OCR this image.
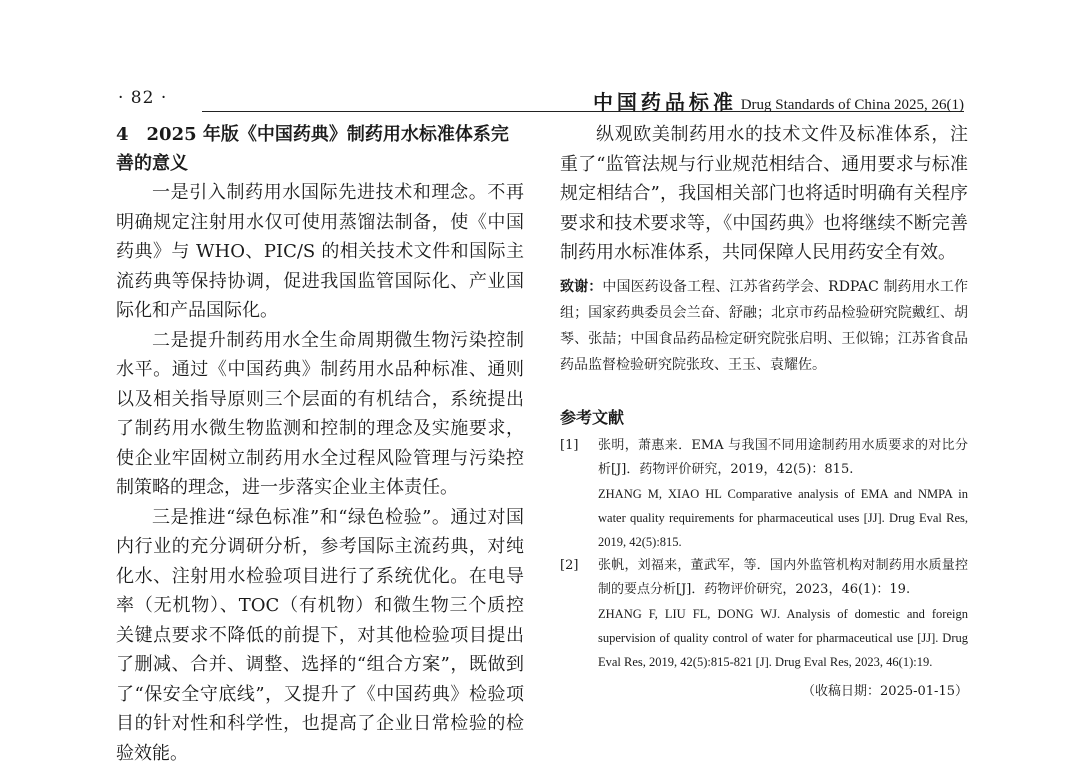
· 82 ·	中国药品标准 Drug Standards of China 2025, 26(1)

4　2025 年版《中国药典》制药用水标准体系完善的意义

一是引入制药用水国际先进技术和理念。不再明确规定注射用水仅可使用蒸馏法制备，使《中国药典》与 WHO、PIC/S 的相关技术文件和国际主流药典等保持协调，促进我国监管国际化、产业国际化和产品国际化。

二是提升制药用水全生命周期微生物污染控制水平。通过《中国药典》制药用水品种标准、通则以及相关指导原则三个层面的有机结合，系统提出了制药用水微生物监测和控制的理念及实施要求，使企业牢固树立制药用水全过程风险管理与污染控制策略的理念，进一步落实企业主体责任。

三是推进“绿色标准”和“绿色检验”。通过对国内行业的充分调研分析，参考国际主流药典，对纯化水、注射用水检验项目进行了系统优化。在电导率（无机物）、TOC（有机物）和微生物三个质控关键点要求不降低的前提下，对其他检验项目提出了删减、合并、调整、选择的“组合方案”，既做到了“保安全守底线”，又提升了《中国药典》检验项目的针对性和科学性，也提高了企业日常检验的检验效能。

纵观欧美制药用水的技术文件及标准体系，注重了“监管法规与行业规范相结合、通用要求与标准规定相结合”，我国相关部门也将适时明确有关程序要求和技术要求等，《中国药典》也将继续不断完善制药用水标准体系，共同保障人民用药安全有效。

致谢：中国医药设备工程、江苏省药学会、RDPAC 制药用水工作组；国家药典委员会兰奋、舒融；北京市药品检验研究院戴红、胡琴、张喆；中国食品药品检定研究院张启明、王似锦；江苏省食品药品监督检验研究院张玫、王玉、袁耀佐。

参考文献

[1] 张明，萧惠来．EMA 与我国不同用途制药用水质要求的对比分析[J]．药物评价研究，2019，42(5)：815.

ZHANG M, XIAO HL Comparative analysis of EMA and NMPA in water quality requirements for pharmaceutical uses [JJ]. Drug Eval Res, 2019, 42(5):815.

[2] 张帆，刘福来，董武军，等．国内外监管机构对制药用水质量控制的要点分析[J]．药物评价研究，2023，46(1)：19.

ZHANG F, LIU FL, DONG WJ. Analysis of domestic and foreign supervision of quality control of water for pharmaceutical use [JJ]. Drug Eval Res, 2019, 42(5):815-821 [J]. Drug Eval Res, 2023, 46(1):19.

（收稿日期：2025-01-15）
